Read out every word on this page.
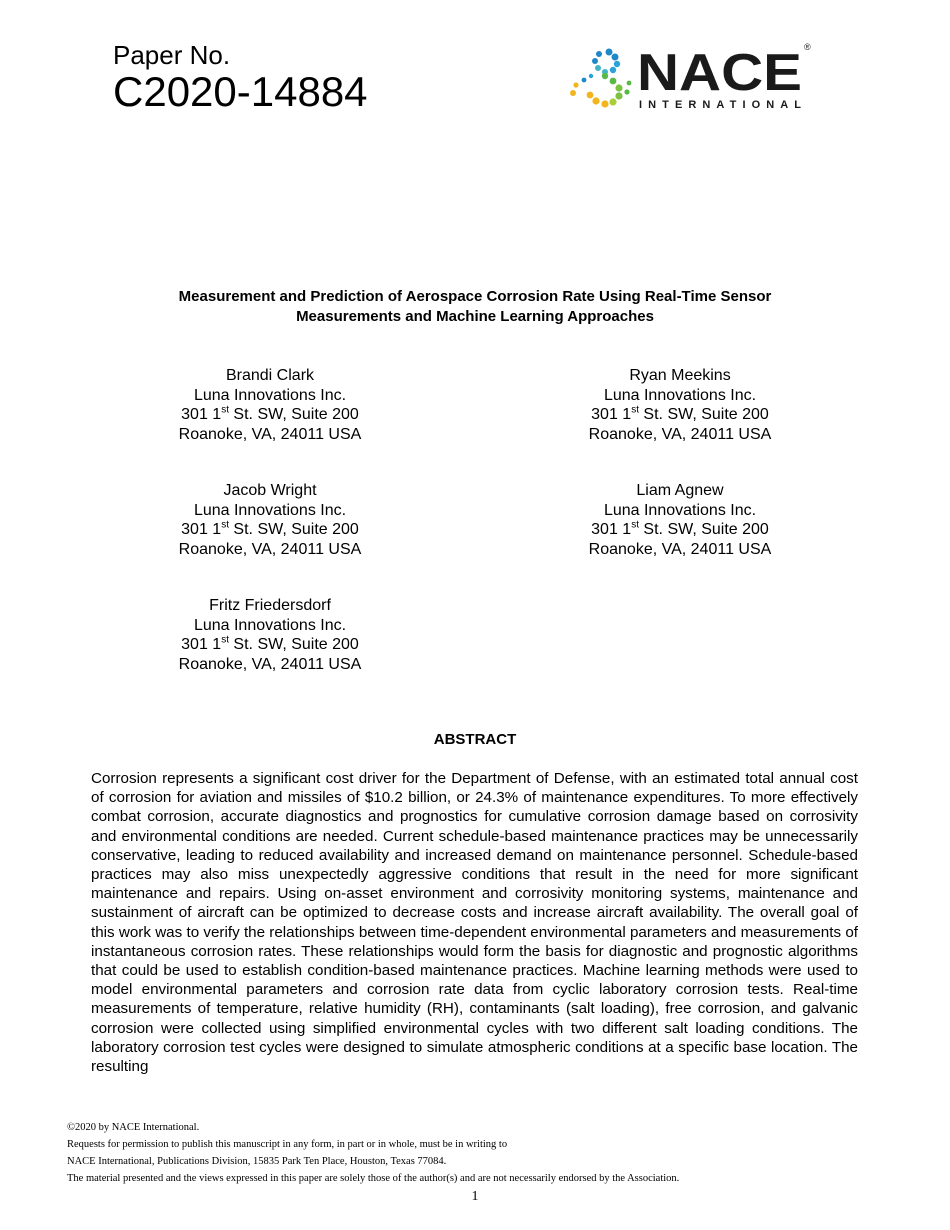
Paper No.
C2020-14884	NACE ®
INTERNATIONAL
Measurement and Prediction of Aerospace Corrosion Rate Using Real-Time Sensor
Measurements and Machine Learning Approaches
Brandi Clark
Luna Innovations Inc.
301 1st St. SW, Suite 200
Roanoke, VA, 24011 USA
Ryan Meekins
Luna Innovations Inc.
301 1st St. SW, Suite 200
Roanoke, VA, 24011 USA
Jacob Wright
Luna Innovations Inc.
301 1st St. SW, Suite 200
Roanoke, VA, 24011 USA
Liam Agnew
Luna Innovations Inc.
301 1st St. SW, Suite 200
Roanoke, VA, 24011 USA
Fritz Friedersdorf
Luna Innovations Inc.
301 1st St. SW, Suite 200
Roanoke, VA, 24011 USA
ABSTRACT

Corrosion represents a significant cost driver for the Department of Defense, with an estimated total annual cost of corrosion for aviation and missiles of $10.2 billion, or 24.3% of maintenance expenditures. To more effectively combat corrosion, accurate diagnostics and prognostics for cumulative corrosion damage based on corrosivity and environmental conditions are needed. Current schedule-based maintenance practices may be unnecessarily conservative, leading to reduced availability and increased demand on maintenance personnel. Schedule-based practices may also miss unexpectedly aggressive conditions that result in the need for more significant maintenance and repairs. Using on-asset environment and corrosivity monitoring systems, maintenance and sustainment of aircraft can be optimized to decrease costs and increase aircraft availability. The overall goal of this work was to verify the relationships between time-dependent environmental parameters and measurements of instantaneous corrosion rates. These relationships would form the basis for diagnostic and prognostic algorithms that could be used to establish condition-based maintenance practices. Machine learning methods were used to model environmental parameters and corrosion rate data from cyclic laboratory corrosion tests. Real-time measurements of temperature, relative humidity (RH), contaminants (salt loading), free corrosion, and galvanic corrosion were collected using simplified environmental cycles with two different salt loading conditions. The laboratory corrosion test cycles were designed to simulate atmospheric conditions at a specific base location. The resulting

©2020 by NACE International.
Requests for permission to publish this manuscript in any form, in part or in whole, must be in writing to
NACE International, Publications Division, 15835 Park Ten Place, Houston, Texas 77084.
The material presented and the views expressed in this paper are solely those of the author(s) and are not necessarily endorsed by the Association.
1
